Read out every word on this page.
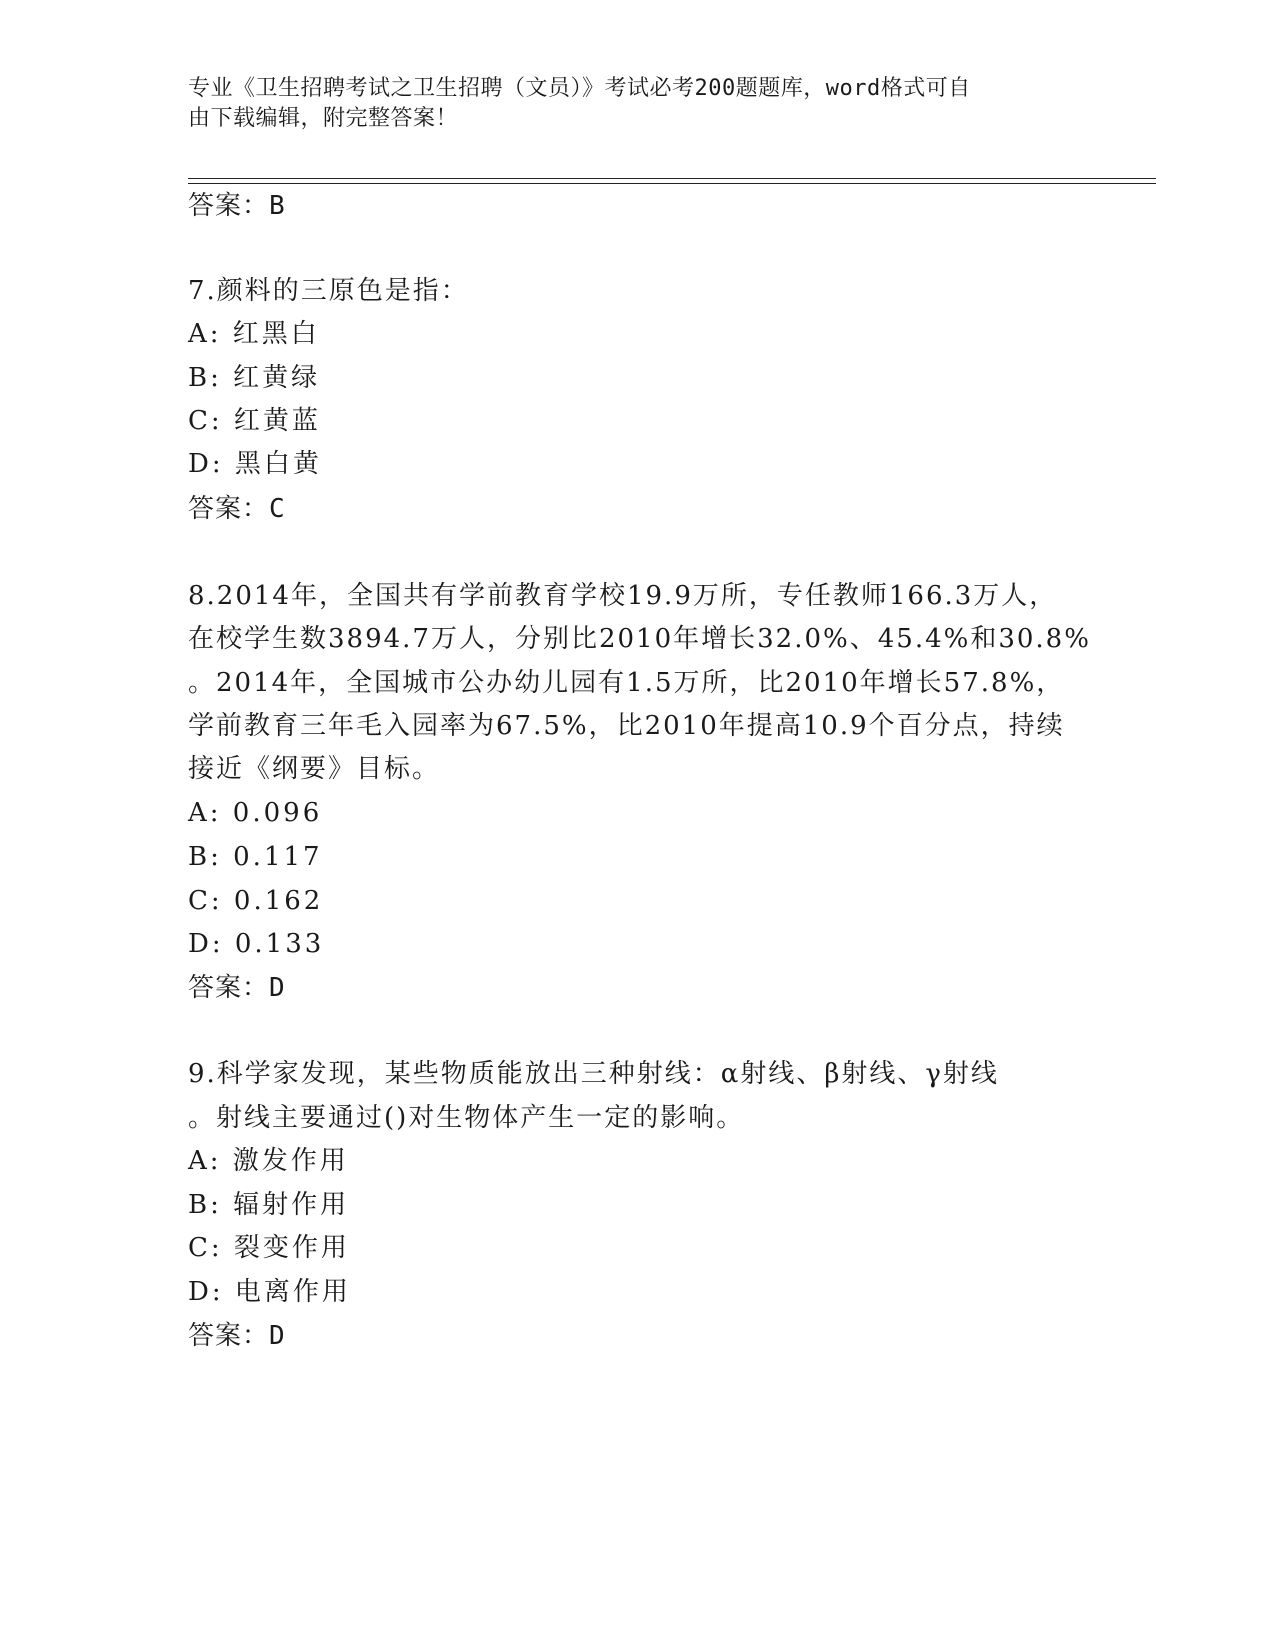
专业《卫生招聘考试之卫生招聘（文员）》考试必考200题题库，word格式可自
由下载编辑，附完整答案！
答案：B
7.颜料的三原色是指：
A: 红黑白
B: 红黄绿
C: 红黄蓝
D: 黑白黄
答案：C
8.2014年，全国共有学前教育学校19.9万所，专任教师166.3万人，
在校学生数3894.7万人，分别比2010年增长32.0%、45.4%和30.8%
。2014年，全国城市公办幼儿园有1.5万所，比2010年增长57.8%，
学前教育三年毛入园率为67.5%，比2010年提高10.9个百分点，持续
接近《纲要》目标。
A: 0.096
B: 0.117
C: 0.162
D: 0.133
答案：D
9.科学家发现，某些物质能放出三种射线：α射线、β射线、γ射线
。射线主要通过()对生物体产生一定的影响。
A: 激发作用
B: 辐射作用
C: 裂变作用
D: 电离作用
答案：D
